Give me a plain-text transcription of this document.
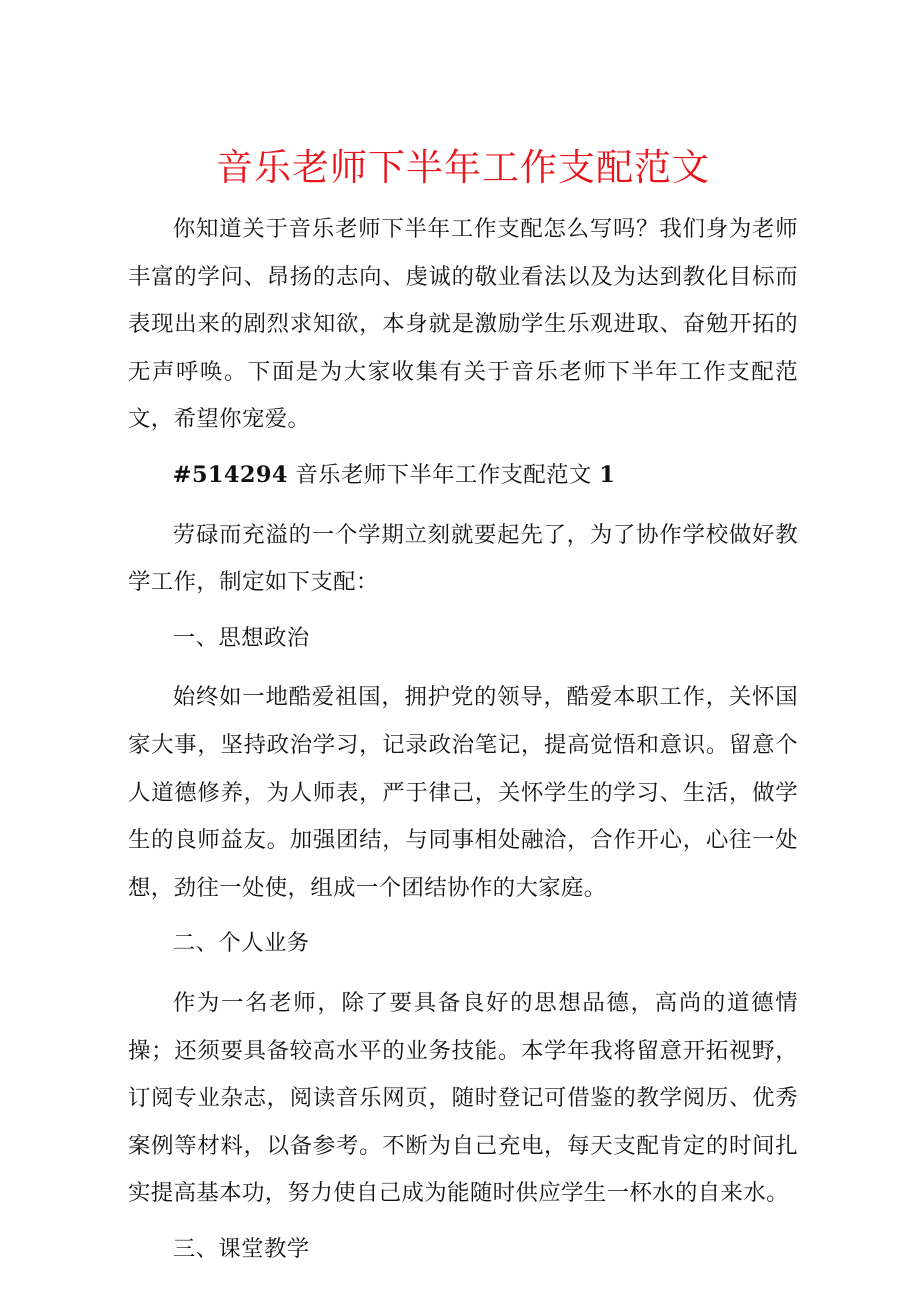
音乐老师下半年工作支配范文

你知道关于音乐老师下半年工作支配怎么写吗？我们身为老师丰富的学问、昂扬的志向、虔诚的敬业看法以及为达到教化目标而表现出来的剧烈求知欲，本身就是激励学生乐观进取、奋勉开拓的无声呼唤。下面是为大家收集有关于音乐老师下半年工作支配范文，希望你宠爱。

#514294 音乐老师下半年工作支配范文 1

劳碌而充溢的一个学期立刻就要起先了，为了协作学校做好教学工作，制定如下支配：

一、思想政治

始终如一地酷爱祖国，拥护党的领导，酷爱本职工作，关怀国家大事，坚持政治学习，记录政治笔记，提高觉悟和意识。留意个人道德修养，为人师表，严于律己，关怀学生的学习、生活，做学生的良师益友。加强团结，与同事相处融洽，合作开心，心往一处想，劲往一处使，组成一个团结协作的大家庭。

二、个人业务

作为一名老师，除了要具备良好的思想品德，高尚的道德情操；还须要具备较高水平的业务技能。本学年我将留意开拓视野，订阅专业杂志，阅读音乐网页，随时登记可借鉴的教学阅历、优秀案例等材料，以备参考。不断为自己充电，每天支配肯定的时间扎实提高基本功，努力使自己成为能随时供应学生一杯水的自来水。

三、课堂教学
